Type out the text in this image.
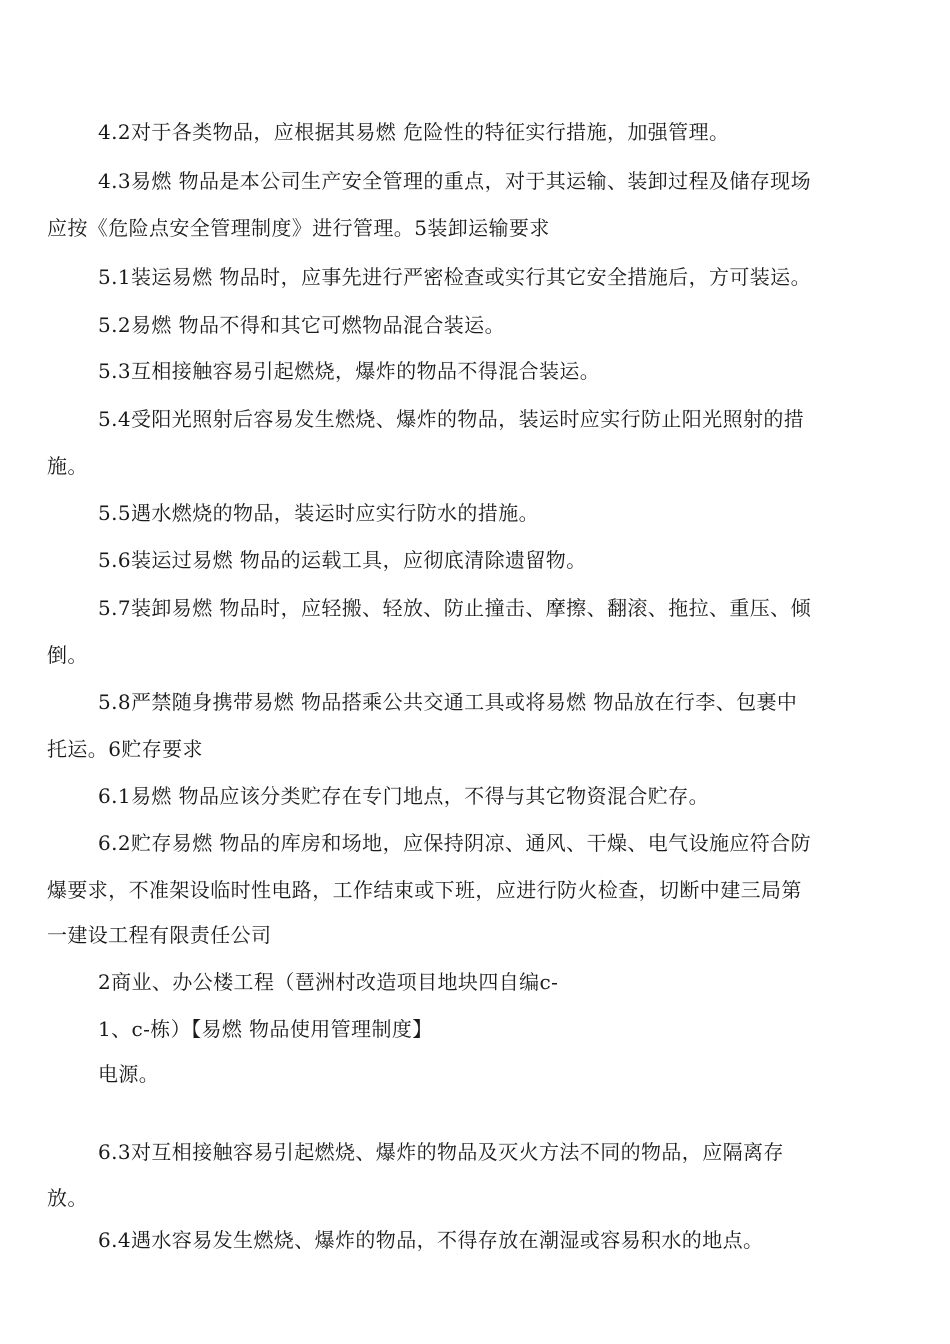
4.2对于各类物品，应根据其易燃 危险性的特征实行措施，加强管理。
4.3易燃 物品是本公司生产安全管理的重点，对于其运输、装卸过程及储存现场
应按《危险点安全管理制度》进行管理。5装卸运输要求
5.1装运易燃 物品时，应事先进行严密检查或实行其它安全措施后，方可装运。
5.2易燃 物品不得和其它可燃物品混合装运。
5.3互相接触容易引起燃烧，爆炸的物品不得混合装运。
5.4受阳光照射后容易发生燃烧、爆炸的物品，装运时应实行防止阳光照射的措
施。
5.5遇水燃烧的物品，装运时应实行防水的措施。
5.6装运过易燃 物品的运载工具，应彻底清除遗留物。
5.7装卸易燃 物品时，应轻搬、轻放、防止撞击、摩擦、翻滚、拖拉、重压、倾
倒。
5.8严禁随身携带易燃 物品搭乘公共交通工具或将易燃 物品放在行李、包裹中
托运。6贮存要求
6.1易燃 物品应该分类贮存在专门地点，不得与其它物资混合贮存。
6.2贮存易燃 物品的库房和场地，应保持阴凉、通风、干燥、电气设施应符合防
爆要求，不准架设临时性电路，工作结束或下班，应进行防火检查，切断中建三局第
一建设工程有限责任公司
2商业、办公楼工程（琶洲村改造项目地块四自编c-
1、c-栋）【易燃 物品使用管理制度】
电源。
6.3对互相接触容易引起燃烧、爆炸的物品及灭火方法不同的物品，应隔离存
放。
6.4遇水容易发生燃烧、爆炸的物品，不得存放在潮湿或容易积水的地点。
